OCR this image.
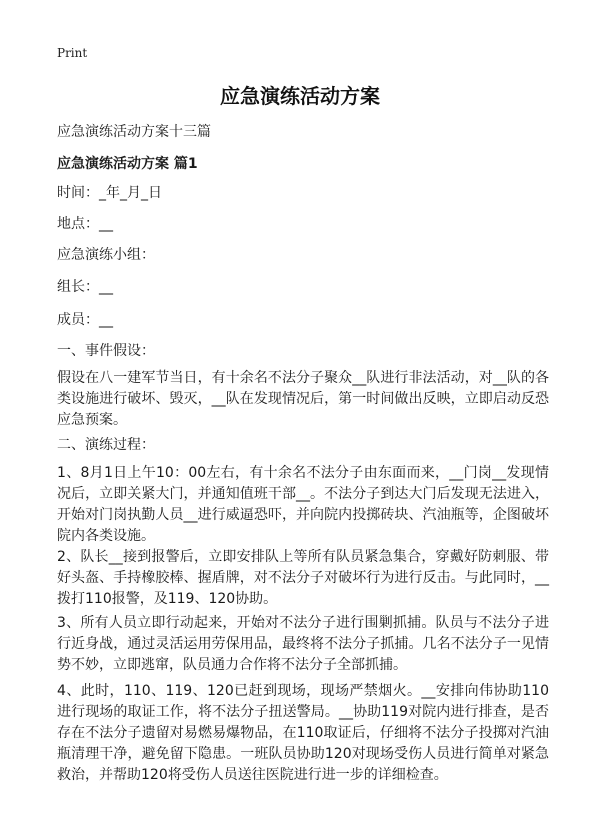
Print
应急演练活动方案
应急演练活动方案十三篇
应急演练活动方案 篇1
时间：_年_月_日
地点：__
应急演练小组：
组长：__
成员：__
一、事件假设：
假设在八一建军节当日，有十余名不法分子聚众__队进行非法活动，对__队的各类设施进行破坏、毁灭，__队在发现情况后，第一时间做出反映，立即启动反恐应急预案。
二、演练过程：
1、8月1日上午10：00左右，有十余名不法分子由东面而来，__门岗__发现情况后，立即关紧大门，并通知值班干部__。不法分子到达大门后发现无法进入，开始对门岗执勤人员__进行威逼恐吓，并向院内投掷砖块、汽油瓶等，企图破坏院内各类设施。
2、队长__接到报警后，立即安排队上等所有队员紧急集合，穿戴好防刺服、带好头盔、手持橡胶棒、握盾牌，对不法分子对破坏行为进行反击。与此同时，__拨打110报警，及119、120协助。
3、所有人员立即行动起来，开始对不法分子进行围剿抓捕。队员与不法分子进行近身战，通过灵活运用劳保用品，最终将不法分子抓捕。几名不法分子一见情势不妙，立即逃窜，队员通力合作将不法分子全部抓捕。
4、此时，110、119、120已赶到现场，现场严禁烟火。__安排向伟协助110进行现场的取证工作，将不法分子扭送警局。__协助119对院内进行排查，是否存在不法分子遗留对易燃易爆物品，在110取证后，仔细将不法分子投掷对汽油瓶清理干净，避免留下隐患。一班队员协助120对现场受伤人员进行简单对紧急救治，并帮助120将受伤人员送往医院进行进一步的详细检查。
